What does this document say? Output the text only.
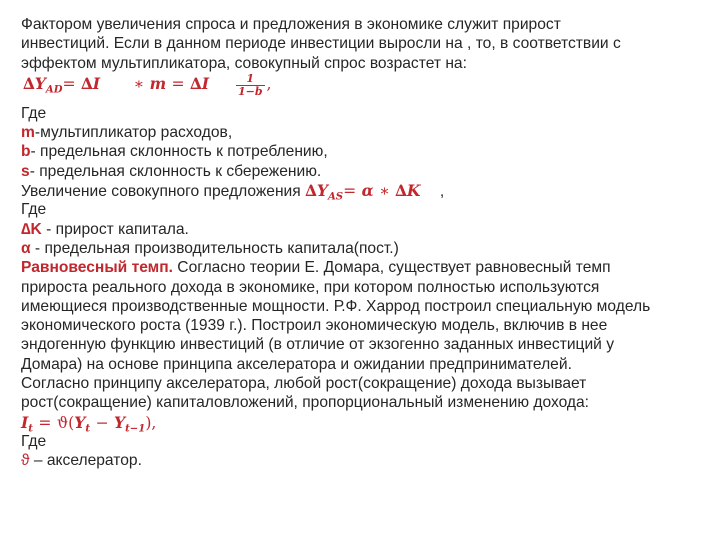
Фактором увеличения спроса и предложения в экономике служит прирост
инвестиций. Если в данном периоде инвестиции выросли на , то, в соответствии с
эффектом мультипликатора, совокупный спрос возрастет на:
$\Delta Y_{AD}= \Delta I$ ∗ $m = \Delta I \frac{1}{1-b}$ ,
Где
m-мультипликатор расходов,
b- предельная склонность к потреблению,
s- предельная склонность к сбережению.
Увеличение совокупного предложения $\Delta Y_{AS}= \alpha$ ∗ ∆K ,
Где
∆K - прирост капитала.
α - предельная производительность капитала(пост.)
Равновесный темп. Согласно теории Е. Домара, существует равновесный темп
прироста реального дохода в экономике, при котором полностью используются
имеющиеся производственные мощности. Р.Ф. Харрод построил специальную модель
экономического роста (1939 г.). Построил экономическую модель, включив в нее
эндогенную функцию инвестиций (в отличие от экзогенно заданных инвестиций у
Домара) на основе принципа акселератора и ожидании предпринимателей.
Согласно принципу акселератора, любой рост(сокращение) дохода вызывает
рост(сокращение) капиталовложений, пропорциональный изменению дохода:
$I_t = ϑ(Y_t - Y_{t-1})$,
Где
ϑ – акселератор.
